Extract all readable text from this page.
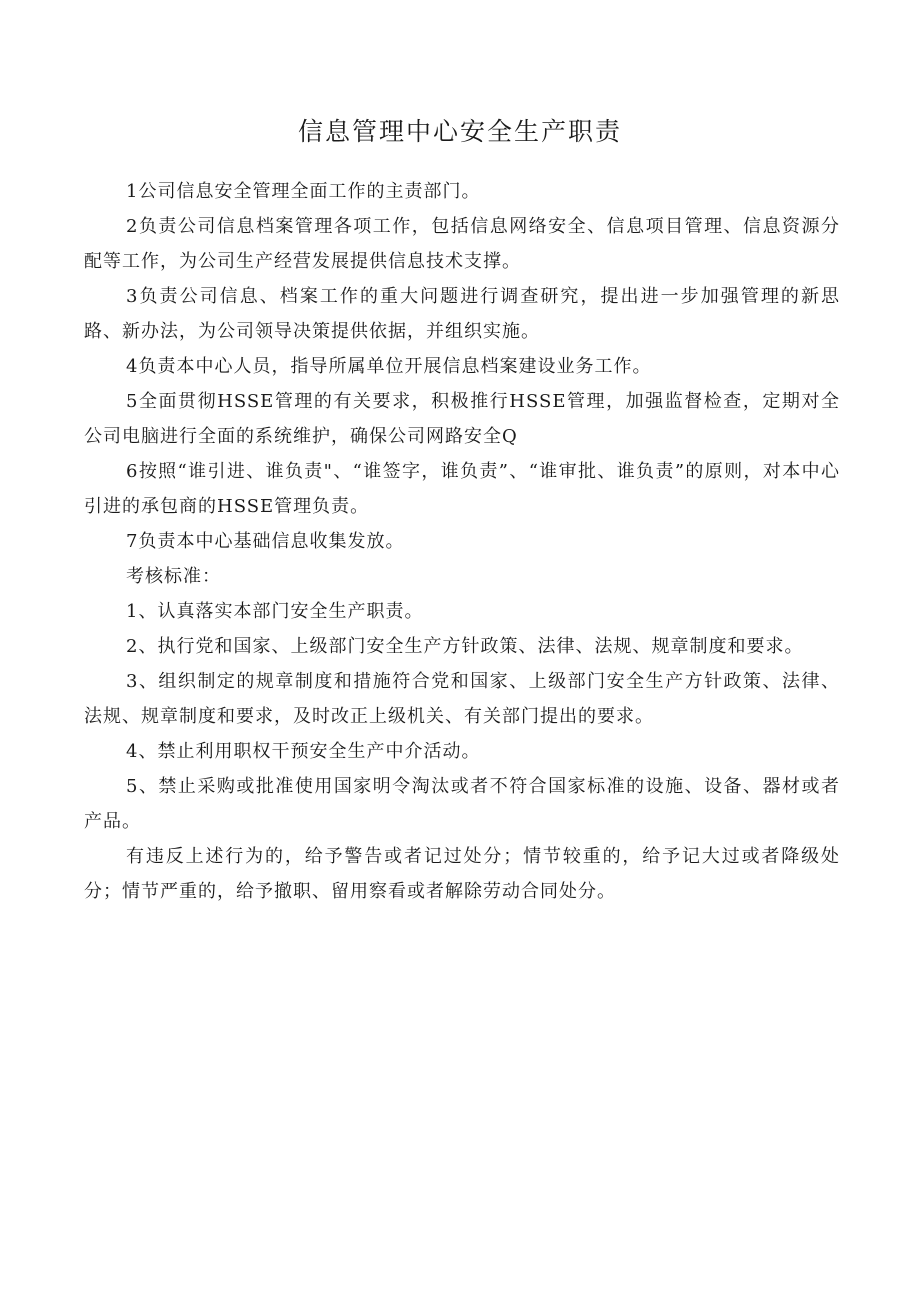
信息管理中心安全生产职责

1公司信息安全管理全面工作的主责部门。

2负责公司信息档案管理各项工作，包括信息网络安全、信息项目管理、信息资源分配等工作，为公司生产经营发展提供信息技术支撑。

3负责公司信息、档案工作的重大问题进行调查研究，提出进一步加强管理的新思路、新办法，为公司领导决策提供依据，并组织实施。

4负责本中心人员，指导所属单位开展信息档案建设业务工作。

5全面贯彻HSSE管理的有关要求，积极推行HSSE管理，加强监督检查，定期对全公司电脑进行全面的系统维护，确保公司网路安全Q

6按照“谁引进、谁负责"、“谁签字，谁负责”、“谁审批、谁负责”的原则，对本中心引进的承包商的HSSE管理负责。

7负责本中心基础信息收集发放。

考核标准：

1、认真落实本部门安全生产职责。

2、执行党和国家、上级部门安全生产方针政策、法律、法规、规章制度和要求。

3、组织制定的规章制度和措施符合党和国家、上级部门安全生产方针政策、法律、法规、规章制度和要求，及时改正上级机关、有关部门提出的要求。

4、禁止利用职权干预安全生产中介活动。

5、禁止采购或批准使用国家明令淘汰或者不符合国家标准的设施、设备、器材或者产品。

有违反上述行为的，给予警告或者记过处分；情节较重的，给予记大过或者降级处分；情节严重的，给予撤职、留用察看或者解除劳动合同处分。
